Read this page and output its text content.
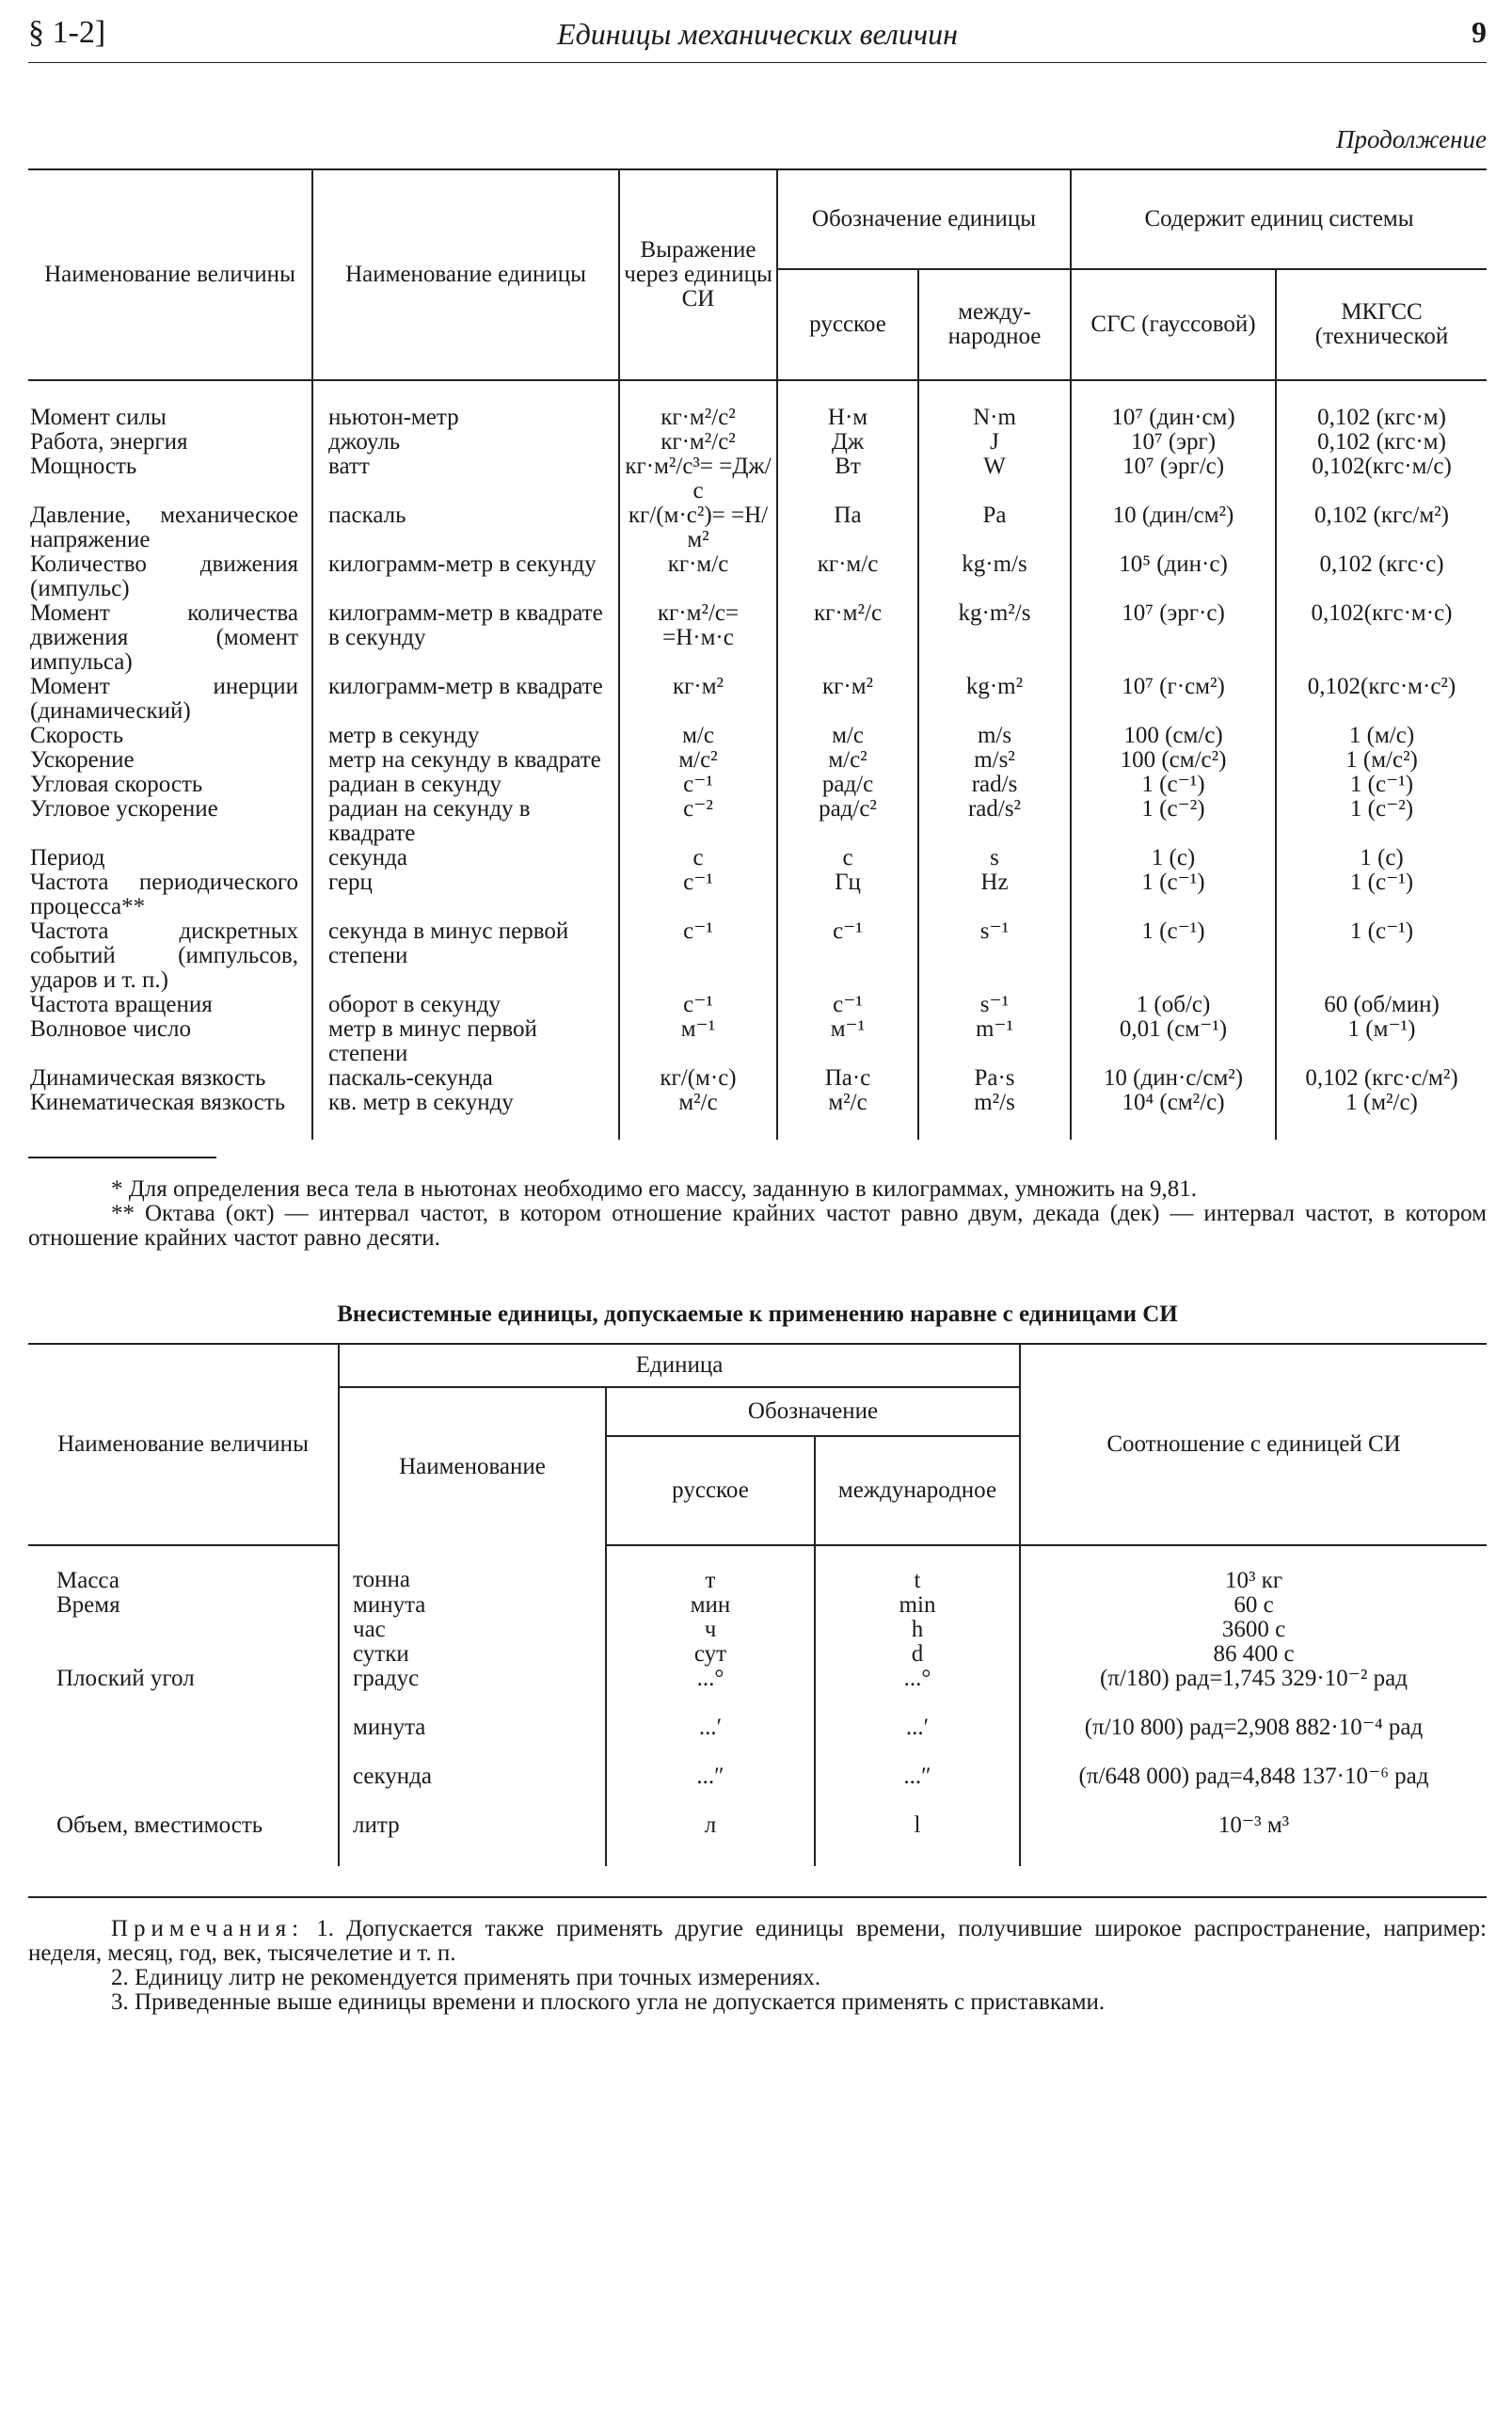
§ 1-2]	Единицы механических величин	9
Продолжение
Наименование величины	Наименование единицы	Выражение через единицы СИ	Обозначение единицы		Содержит единиц системы	
			русское	между-народное	СГС (гауссовой)	МКГСС (технической
Момент силы	ньютон-метр	кг·м²/с²	Н·м	N·m	10⁷ (дин·см)	0,102 (кгс·м)
Работа, энергия	джоуль	кг·м²/с²	Дж	J	10⁷ (эрг)	0,102 (кгс·м)
Мощность	ватт	кг·м²/с³= =Дж/с	Вт	W	10⁷ (эрг/с)	0,102(кгс·м/с)
Давление, механическое напряжение	паскаль	кг/(м·с²)= =Н/м²	Па	Pa	10 (дин/см²)	0,102 (кгс/м²)
Количество движения (импульс)	килограмм-метр в секунду	кг·м/с	кг·м/с	kg·m/s	10⁵ (дин·с)	0,102 (кгс·с)
Момент количества движения (момент импульса)	килограмм-метр в квадрате в секунду	кг·м²/с= =Н·м·с	кг·м²/с	kg·m²/s	10⁷ (эрг·с)	0,102(кгс·м·с)
Момент инерции (динамический)	килограмм-метр в квадрате	кг·м²	кг·м²	kg·m²	10⁷ (г·см²)	0,102(кгс·м·с²)
Скорость	метр в секунду	м/с	м/с	m/s	100 (см/с)	1 (м/с)
Ускорение	метр на секунду в квадрате	м/с²	м/с²	m/s²	100 (см/с²)	1 (м/с²)
Угловая скорость	радиан в секунду	с⁻¹	рад/с	rad/s	1 (с⁻¹)	1 (с⁻¹)
Угловое ускорение	радиан на секунду в квадрате	с⁻²	рад/с²	rad/s²	1 (с⁻²)	1 (с⁻²)
Период	секунда	с	с	s	1 (с)	1 (с)
Частота периодического процесса**	герц	с⁻¹	Гц	Hz	1 (с⁻¹)	1 (с⁻¹)
Частота дискретных событий (импульсов, ударов и т. п.)	секунда в минус первой степени	с⁻¹	с⁻¹	s⁻¹	1 (с⁻¹)	1 (с⁻¹)
Частота вращения	оборот в секунду	с⁻¹	с⁻¹	s⁻¹	1 (об/с)	60 (об/мин)
Волновое число	метр в минус первой степени	м⁻¹	м⁻¹	m⁻¹	0,01 (см⁻¹)	1 (м⁻¹)
Динамическая вязкость	паскаль-секунда	кг/(м·с)	Па·с	Pa·s	10 (дин·с/см²)	0,102 (кгс·с/м²)
Кинематическая вязкость	кв. метр в секунду	м²/с	м²/с	m²/s	10⁴ (см²/с)	1 (м²/с)

* Для определения веса тела в ньютонах необходимо его массу, заданную в килограммах, умножить на 9,81.

** Октава (окт) — интервал частот, в котором отношение крайних частот равно двум, декада (дек) — интервал частот, в котором отношение крайних частот равно десяти.

Внесистемные единицы, допускаемые к применению наравне с единицами СИ
Наименование величины	Единица			Соотношение с единицей СИ
	Наименование	Обозначение		
		русское	международное	
Масса	тонна	т	t	10³ кг
Время	минута	мин	min	60 с
	час	ч	h	3600 с
	сутки	сут	d	86 400 с
Плоский угол	градус	...°	...°	(π/180) рад=1,745 329·10⁻² рад
	минута	...′	...′	(π/10 800) рад=2,908 882·10⁻⁴ рад
	секунда	...″	...″	(π/648 000) рад=4,848 137·10⁻⁶ рад
Объем, вместимость	литр	л	l	10⁻³ м³

Примечания: 1. Допускается также применять другие единицы времени, получившие широкое распространение, например: неделя, месяц, год, век, тысячелетие и т. п.

2. Единицу литр не рекомендуется применять при точных измерениях.

3. Приведенные выше единицы времени и плоского угла не допускается применять с приставками.
